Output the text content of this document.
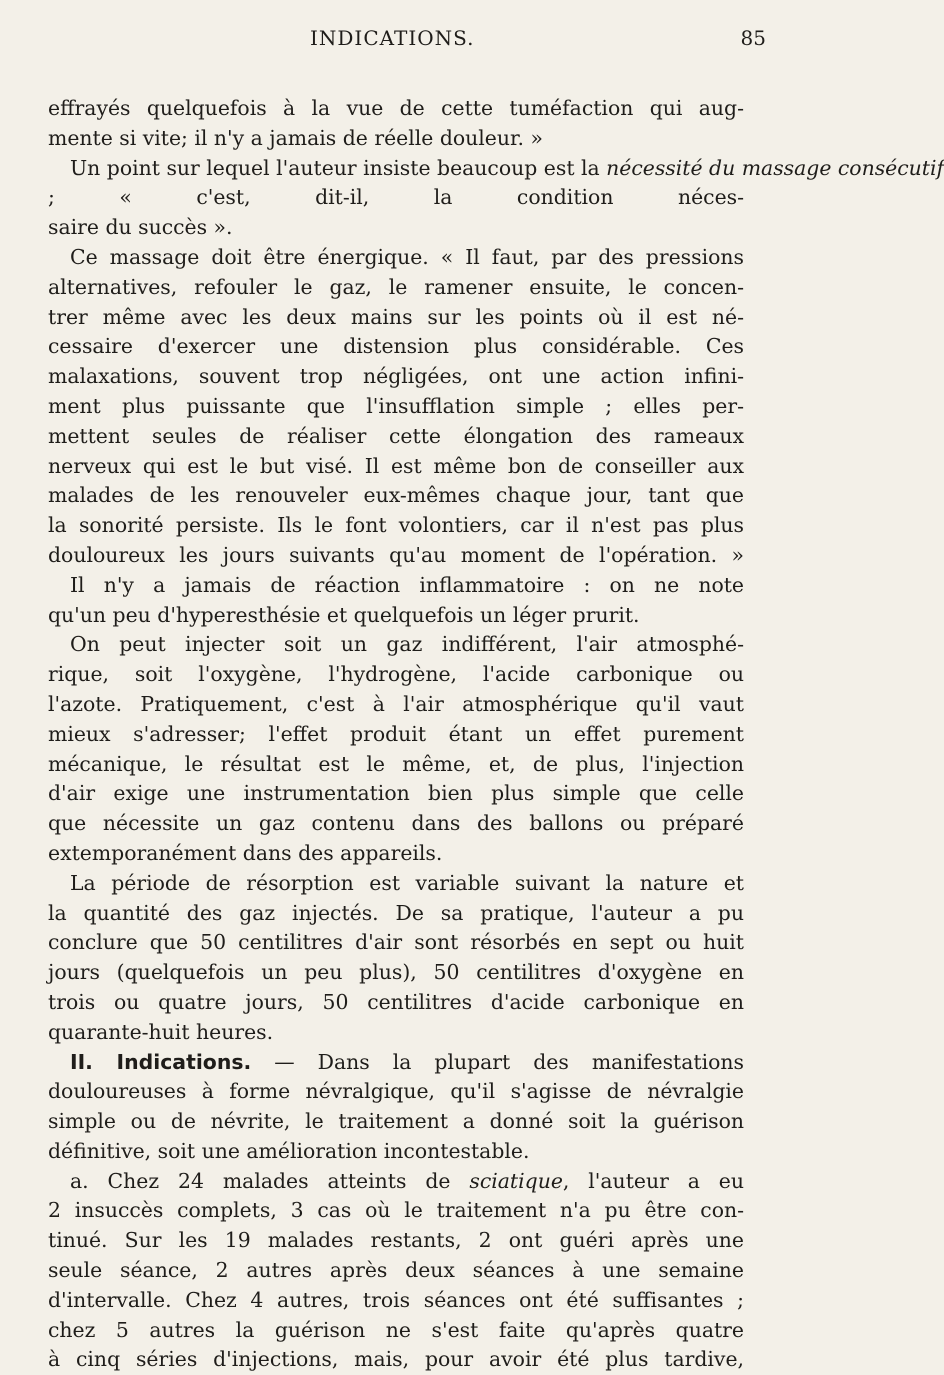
INDICATIONS.	85
effrayés quelquefois à la vue de cette tuméfaction qui aug-
mente si vite; il n'y a jamais de réelle douleur. »
Un point sur lequel l'auteur insiste beaucoup est la nécessité du massage consécutif
; « c'est, dit-il, la condition néces-
saire du succès ».
Ce massage doit être énergique. « Il faut, par des pressions
alternatives, refouler le gaz, le ramener ensuite, le concen-
trer même avec les deux mains sur les points où il est né-
cessaire d'exercer une distension plus considérable. Ces
malaxations, souvent trop négligées, ont une action infini-
ment plus puissante que l'insufflation simple ; elles per-
mettent seules de réaliser cette élongation des rameaux
nerveux qui est le but visé. Il est même bon de conseiller aux
malades de les renouveler eux-mêmes chaque jour, tant que
la sonorité persiste. Ils le font volontiers, car il n'est pas plus
douloureux les jours suivants qu'au moment de l'opération. »
Il n'y a jamais de réaction inflammatoire : on ne note
qu'un peu d'hyperesthésie et quelquefois un léger prurit.
On peut injecter soit un gaz indifférent, l'air atmosphé-
rique, soit l'oxygène, l'hydrogène, l'acide carbonique ou
l'azote. Pratiquement, c'est à l'air atmosphérique qu'il vaut
mieux s'adresser; l'effet produit étant un effet purement
mécanique, le résultat est le même, et, de plus, l'injection
d'air exige une instrumentation bien plus simple que celle
que nécessite un gaz contenu dans des ballons ou préparé
extemporanément dans des appareils.
La période de résorption est variable suivant la nature et
la quantité des gaz injectés. De sa pratique, l'auteur a pu
conclure que 50 centilitres d'air sont résorbés en sept ou huit
jours (quelquefois un peu plus), 50 centilitres d'oxygène en
trois ou quatre jours, 50 centilitres d'acide carbonique en
quarante-huit heures.
II. Indications. — Dans la plupart des manifestations
douloureuses à forme névralgique, qu'il s'agisse de névralgie
simple ou de névrite, le traitement a donné soit la guérison
définitive, soit une amélioration incontestable.
a. Chez 24 malades atteints de sciatique, l'auteur a eu
2 insuccès complets, 3 cas où le traitement n'a pu être con-
tinué. Sur les 19 malades restants, 2 ont guéri après une
seule séance, 2 autres après deux séances à une semaine
d'intervalle. Chez 4 autres, trois séances ont été suffisantes ;
chez 5 autres la guérison ne s'est faite qu'après quatre
à cinq séries d'injections, mais, pour avoir été plus tardive,
